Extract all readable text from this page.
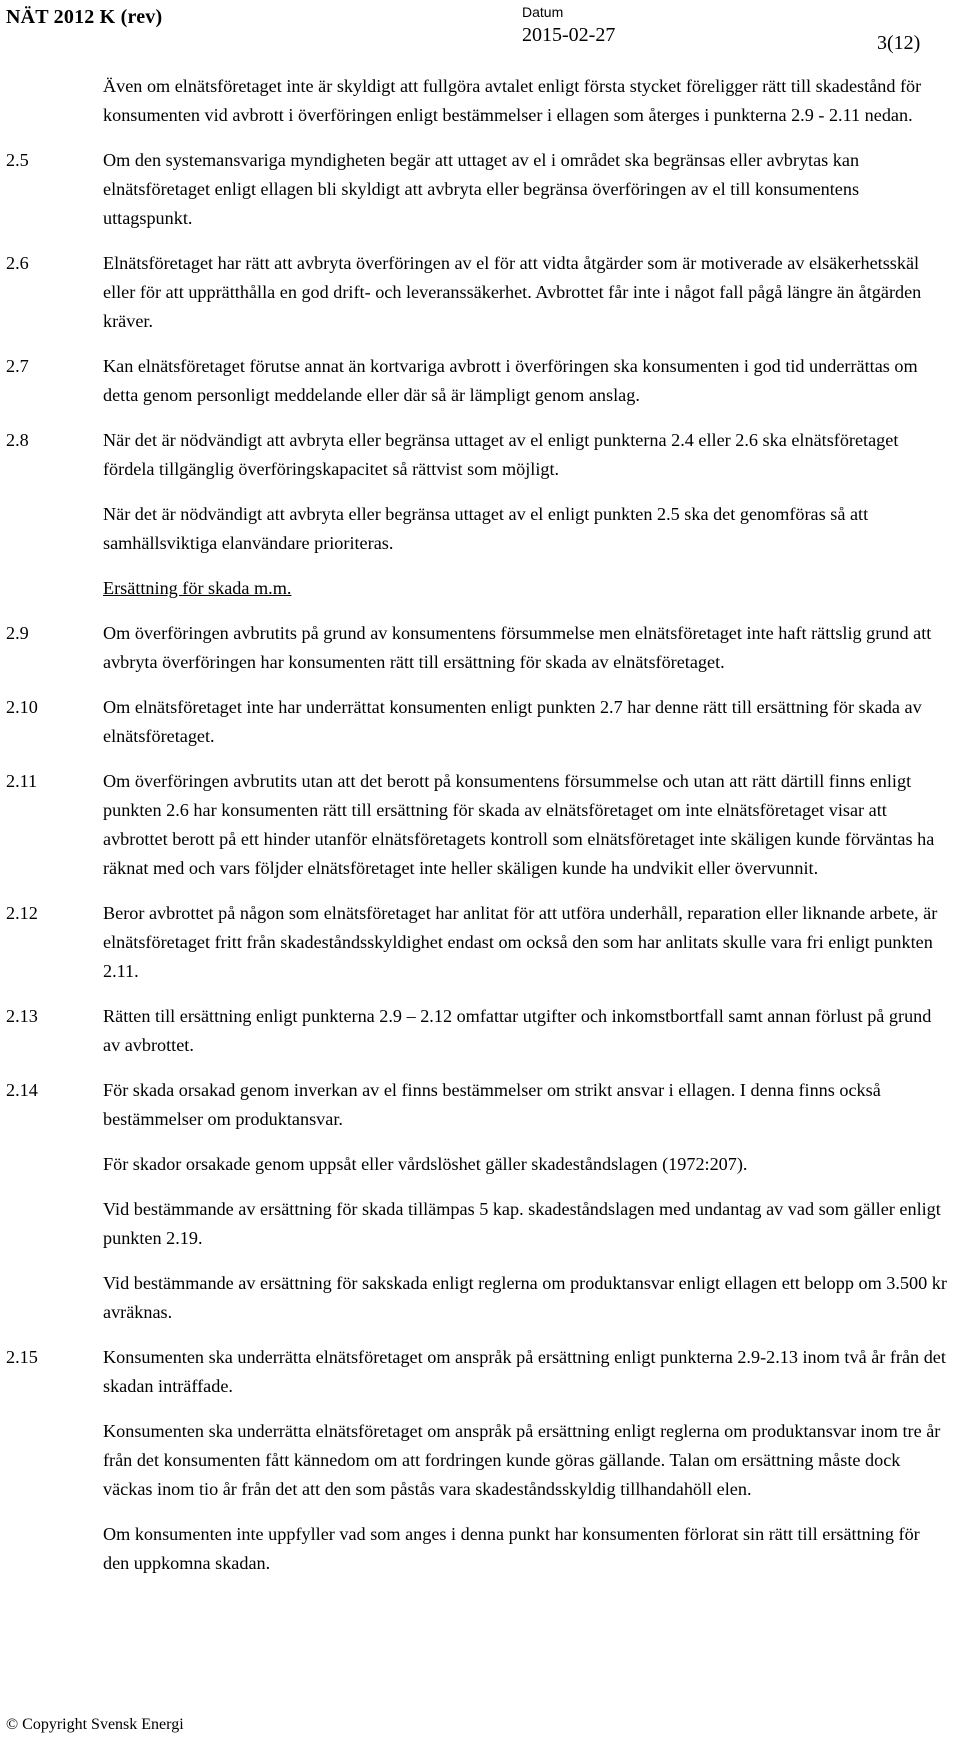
NÄT 2012 K (rev)	Datum
2015-02-27	3(12)
Även om elnätsföretaget inte är skyldigt att fullgöra avtalet enligt första stycket föreligger rätt till skadestånd för konsumenten vid avbrott i överföringen enligt bestämmelser i ellagen som återges i punkterna 2.9 - 2.11 nedan.
2.5	Om den systemansvariga myndigheten begär att uttaget av el i området ska begränsas eller avbrytas kan elnätsföretaget enligt ellagen bli skyldigt att avbryta eller begränsa överföringen av el till konsumentens uttagspunkt.
2.6	Elnätsföretaget har rätt att avbryta överföringen av el för att vidta åtgärder som är motiverade av elsäkerhetsskäl eller för att upprätthålla en god drift- och leveranssäkerhet. Avbrottet får inte i något fall pågå längre än åtgärden kräver.
2.7	Kan elnätsföretaget förutse annat än kortvariga avbrott i överföringen ska konsumenten i god tid underrättas om detta genom personligt meddelande eller där så är lämpligt genom anslag.
2.8	När det är nödvändigt att avbryta eller begränsa uttaget av el enligt punkterna 2.4 eller 2.6 ska elnätsföretaget fördela tillgänglig överföringskapacitet så rättvist som möjligt.
När det är nödvändigt att avbryta eller begränsa uttaget av el enligt punkten 2.5 ska det genomföras så att samhällsviktiga elanvändare prioriteras.
Ersättning för skada m.m.
2.9	Om överföringen avbrutits på grund av konsumentens försummelse men elnätsföretaget inte haft rättslig grund att avbryta överföringen har konsumenten rätt till ersättning för skada av elnätsföretaget.
2.10	Om elnätsföretaget inte har underrättat konsumenten enligt punkten 2.7 har denne rätt till ersättning för skada av elnätsföretaget.
2.11	Om överföringen avbrutits utan att det berott på konsumentens försummelse och utan att rätt därtill finns enligt punkten 2.6 har konsumenten rätt till ersättning för skada av elnätsföretaget om inte elnätsföretaget visar att avbrottet berott på ett hinder utanför elnätsföretagets kontroll som elnätsföretaget inte skäligen kunde förväntas ha räknat med och vars följder elnätsföretaget inte heller skäligen kunde ha undvikit eller övervunnit.
2.12	Beror avbrottet på någon som elnätsföretaget har anlitat för att utföra underhåll, reparation eller liknande arbete, är elnätsföretaget fritt från skadeståndsskyldighet endast om också den som har anlitats skulle vara fri enligt punkten 2.11.
2.13	Rätten till ersättning enligt punkterna 2.9 – 2.12 omfattar utgifter och inkomstbortfall samt annan förlust på grund av avbrottet.
2.14	För skada orsakad genom inverkan av el finns bestämmelser om strikt ansvar i ellagen. I denna finns också bestämmelser om produktansvar.
För skador orsakade genom uppsåt eller vårdslöshet gäller skadeståndslagen (1972:207).
Vid bestämmande av ersättning för skada tillämpas 5 kap. skadeståndslagen med undantag av vad som gäller enligt punkten 2.19.
Vid bestämmande av ersättning för sakskada enligt reglerna om produktansvar enligt ellagen ett belopp om 3.500 kr avräknas.
2.15	Konsumenten ska underrätta elnätsföretaget om anspråk på ersättning enligt punkterna 2.9-2.13 inom två år från det skadan inträffade.
Konsumenten ska underrätta elnätsföretaget om anspråk på ersättning enligt reglerna om produktansvar inom tre år från det konsumenten fått kännedom om att fordringen kunde göras gällande. Talan om ersättning måste dock väckas inom tio år från det att den som påstås vara skadeståndsskyldig tillhandahöll elen.
Om konsumenten inte uppfyller vad som anges i denna punkt har konsumenten förlorat sin rätt till ersättning för den uppkomna skadan.
© Copyright Svensk Energi
